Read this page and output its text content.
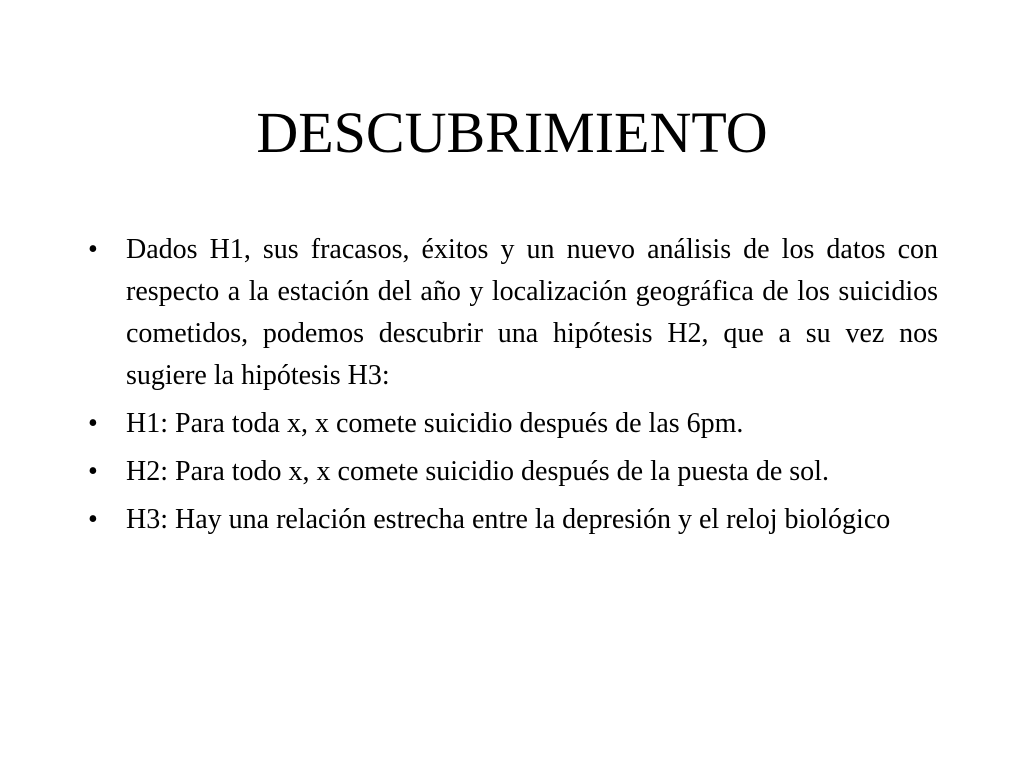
DESCUBRIMIENTO
•	Dados H1, sus fracasos, éxitos y un nuevo análisis de los datos con respecto a la estación del año y localización geográfica de los suicidios cometidos, podemos descubrir una hipótesis H2, que a su vez nos sugiere la hipótesis H3:
•	H1: Para toda x, x comete suicidio después de las 6pm.
•	H2: Para todo x, x comete suicidio después de la puesta de sol.
•	H3: Hay una relación estrecha entre la depresión y el reloj biológico
